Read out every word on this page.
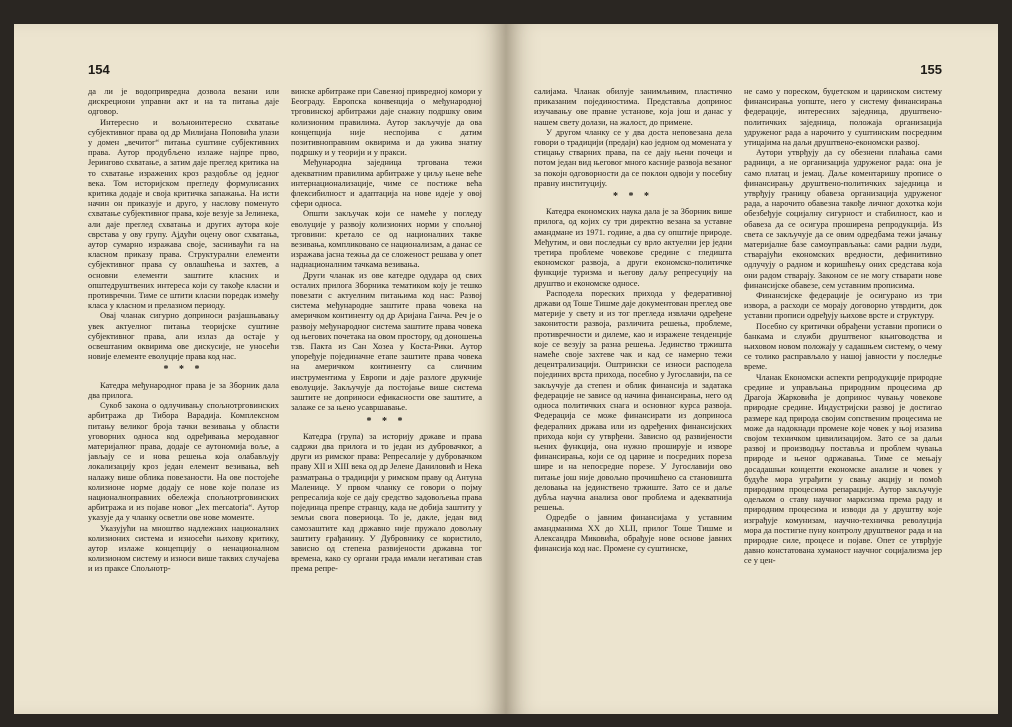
154

да ли је водопривредна дозвола везани или дискрециони управни акт и на та питања даје одговор.

Интересно и вољноинтересно схватање субјективног права од др Милијана Поповића улази у домен „вечитог“ питања суштине субјективних права. Аутор продубљено излаже најпре прво, Јерингово схватање, а затим даје преглед критика на то схватање изражених кроз раздобље од једног века. Том историјском прегледу формулисаних критика додаје и своја критичка запажања. На исти начин он приказује и друго, у наслову поменуто схватање субјективног права, које везује за Јелинека, али даје преглед схватања и других аутора које сврстава у ову групу. Ајдући оцену овог схватања, аутор сумарно изражава своје, засниваући га на класном приказу права. Структурални елементи субјективног права су овлашћења и захтев, а основни елементи заштите класних и општедруштвених интереса који су такође класни и противречни. Тиме се штити класни поредак између класа у класном и прелазном периоду.

Овај чланак сигурно доприноси разјашњавању увек актуелног питања теоријске суштине субјективног права, али излаз да остаје у освештаним оквирима ове дискусије, не уносећи новије елементе еволуције права код нас.

* * *

Катедра међународног права је за Зборник дала два прилога.

Сукоб закона о одлучивању спољнотрговинских арбитража др Тибора Варадија. Комплексном питању великог броја тачки везивања у области уговорних односа код одређивања меродавног материјалног права, додаје се аутономија воље, а јављају се и нова решења која олабављују локализацију кроз један елемент везивања, већ налажу више облика повезаности. На ове постојеће колизионе норме додају се нове које полазе из националноправних обележја спољнотрговинских арбитража и из појаве новог „lex mercatoria“. Аутор указује да у чланку осветли ове нове моменте.

Указујући на мноштво надлежних националних колизионих система и износећи њихову критику, аутор излаже концепцију о ненационалном колизионом систему и износи више таквих случајева и из праксе Спољнотр-

винске арбитраже при Савезној привредној комори у Београду. Европска конвенција о међународној трговинској арбитражи даје снажну подршку овим колизионим правилима. Аутор закључује да ова концепција није неспојива с датим позитивноправним оквирима и да ужива знатну подршку и у теорији и у пракси.

Међународна заједница тргована тежи адекватним правилима арбитраже у циљу њене веће интернационализације, чиме се постиже већа флексибилност и адаптација на нове идеје у овој сфери односа.

Општи закључак који се намеће у погледу еволуције у развоју колизионих норми у спољној трговини: кретало се од националних такве везивања, компликовано се национализам, а данас се изражава јасна тежња да се сложеност решава у опет наднационалним тачкама везивања.

Други чланак из ове катедре одудара од свих осталих прилога Зборника тематиком коју је тешко повезати с актуелним питањима код нас: Развој система међународне заштите права човека на америчком континенту од др Аријана Ганча. Реч је о развоју међународног система заштите права човека од његових почетака на овом простору, од доношења тзв. Пакта из Сан Хозеа у Коста-Рики. Аутор упоређује појединачне етапе заштите права човека на америчком континенту са сличним инструментима у Европи и даје разлоге друкчије еволуције. Закључује да постојање више система заштите не доприноси ефикасности ове заштите, а залаже се за њено усавршавање.

* * *

Катедра (група) за историју државе и права садржи два прилога и то један из дубровачког, а други из римског права: Репресалије у дубровачком праву XII и XIII века од др Јелене Даниловић и Нека разматрања о традицији у римском праву од Антуна Маленице. У првом чланку се говори о појму репресалија које се дају средство задовољења права појединца препре странцу, када не добија заштиту у земљи свога повериоца. То је, дакле, један вид самозаштите кад државно није пружало довољну заштиту грађанину. У Дубровнику се користило, зависно од степена развијености државна тог времена, како су органи града имали негативан став према репре-

155

салијама. Чланак обилује занимљивим, пластично приказаним појединостима. Представља допринос изучавању ове правне установе, која још и данас у нашем свету долази, на жалост, до примене.

У другом чланку се у два доста неповезана дела говори о традицији (предаји) као једном од момената у стицању стварних права, па се дају њени почеци и потом један вид његовог много касније развоја везаног за покојн одговорности да се поклон одвоји у посебну правну институцију.

* * *

Катедра економских наука дала је за Зборник више прилога, од којих су три директно везана за уставне амандмане из 1971. године, а два су општије природе. Међутим, и ови последњи су врло актуелни јер једни третира проблеме човекове средине с гледишта економског развоја, а други економско-политичке функције туризма и његову даљу репресуцију на друштво и економске односе.

Расподела пореских прихода у федеративној држави од Тоше Тишме даје документован преглед ове материје у свету и из тог прегледа извлачи одређене законитости развоја, различита решења, проблеме, противречности и дилеме, као и изражене тенденције које се везују за разна решења. Јединство тржишта намеће своје захтеве чак и кад се намерно тежи децентрализацији. Оштрински се износи расподела појединих врста прихода, посебно у Југославији, па се закључује да степен и облик финансија и задатака федерације не зависе од начина финансирања, него од односа политичких снага и основног курса развоја. Федерација се може финансирати из доприноса федералних држава или из одређених финансијских прихода који су утврђени. Зависно од развијености њених функција, она нужно проширује и изворе финансирања, који се од царине и посредних пореза шире и на непосредне порезе. У Југославији ово питање још није довољно прочишћено са становишта деловања на јединствено тржиште. Зато се и даље дубља научна анализа овог проблема и адекватнија решења.

Одредбе о јавним финансијама у уставним амандманима XX до XLII, прилог Тоше Тишме и Александра Миковића, обрађује нове основе јавних финансија код нас. Промене су суштинске,

не само у пореском, буџетском и царинском систему финансирања уопште, него у систему финансирања федерације, интересних заједница, друштвено-политичких заједница, положаја организација удруженог рада а нарочито у суштинским посредним утицајима на даљи друштвено-економски развој.

Аутори утврђују да су обезнени плаћања сами радници, а не организација удруженог рада: она је само платац и јемац. Даље коментаришу прописе о финансирању друштвено-политичких заједница и утврђују границу обавеза организација удруженог рада, а нарочито обавезна такође личног дохотка који обезбеђује социјалну сигурност и стабилност, као и обавеза да се осигура проширена репродукција. Из света се закључује да се овим одредбама тежи јачању материјалне базе самоуправљања: сами радни људи, стварајући економских вредности, дефинитивно одлучују о радном и коришћењу оних средстава која они радом стварају. Законом се не могу стварати нове финансијске обавезе, сем уставним прописима.

Финансијске федерације је осигурано из три извора, а расходи се морају договорно утврдити, док уставни прописи одређују њихове врсте и структуру.

Посебно су критички обрађени уставни прописи о банкама и служби друштвеног књиговодства и њиховом новом положају у садашњем систему, о чему се толико расправљало у нашој јавности у последње време.

Чланак Економски аспекти репродукције природне средине и управљања природним процесима др Драгоја Жарковића је допринос чувању човекове природне средине. Индустријски развој је достигао размере кад природа својим сопственим процесима не може да надокнади промене које човек у њој изазива својом техничком цивилизацијом. Зато се за даљи развој и производњу поставља и проблем чувања природе и њеног одржавања. Тиме се мењају досадашњи концепти економске анализе и човек у будуће мора уграђити у свању акцију и помоћ природним процесима репарације. Аутор закључује одељком о ставу научног марксизма према раду и природним процесима и изводи да у друштву које изграђује комунизам, научно-техничка револуција мора да постигне пуну контролу друштвеног рада и на природне силе, процесе и појаве. Опет се утврђује давно констатована хуманост научног социјализма јер се у цен-
